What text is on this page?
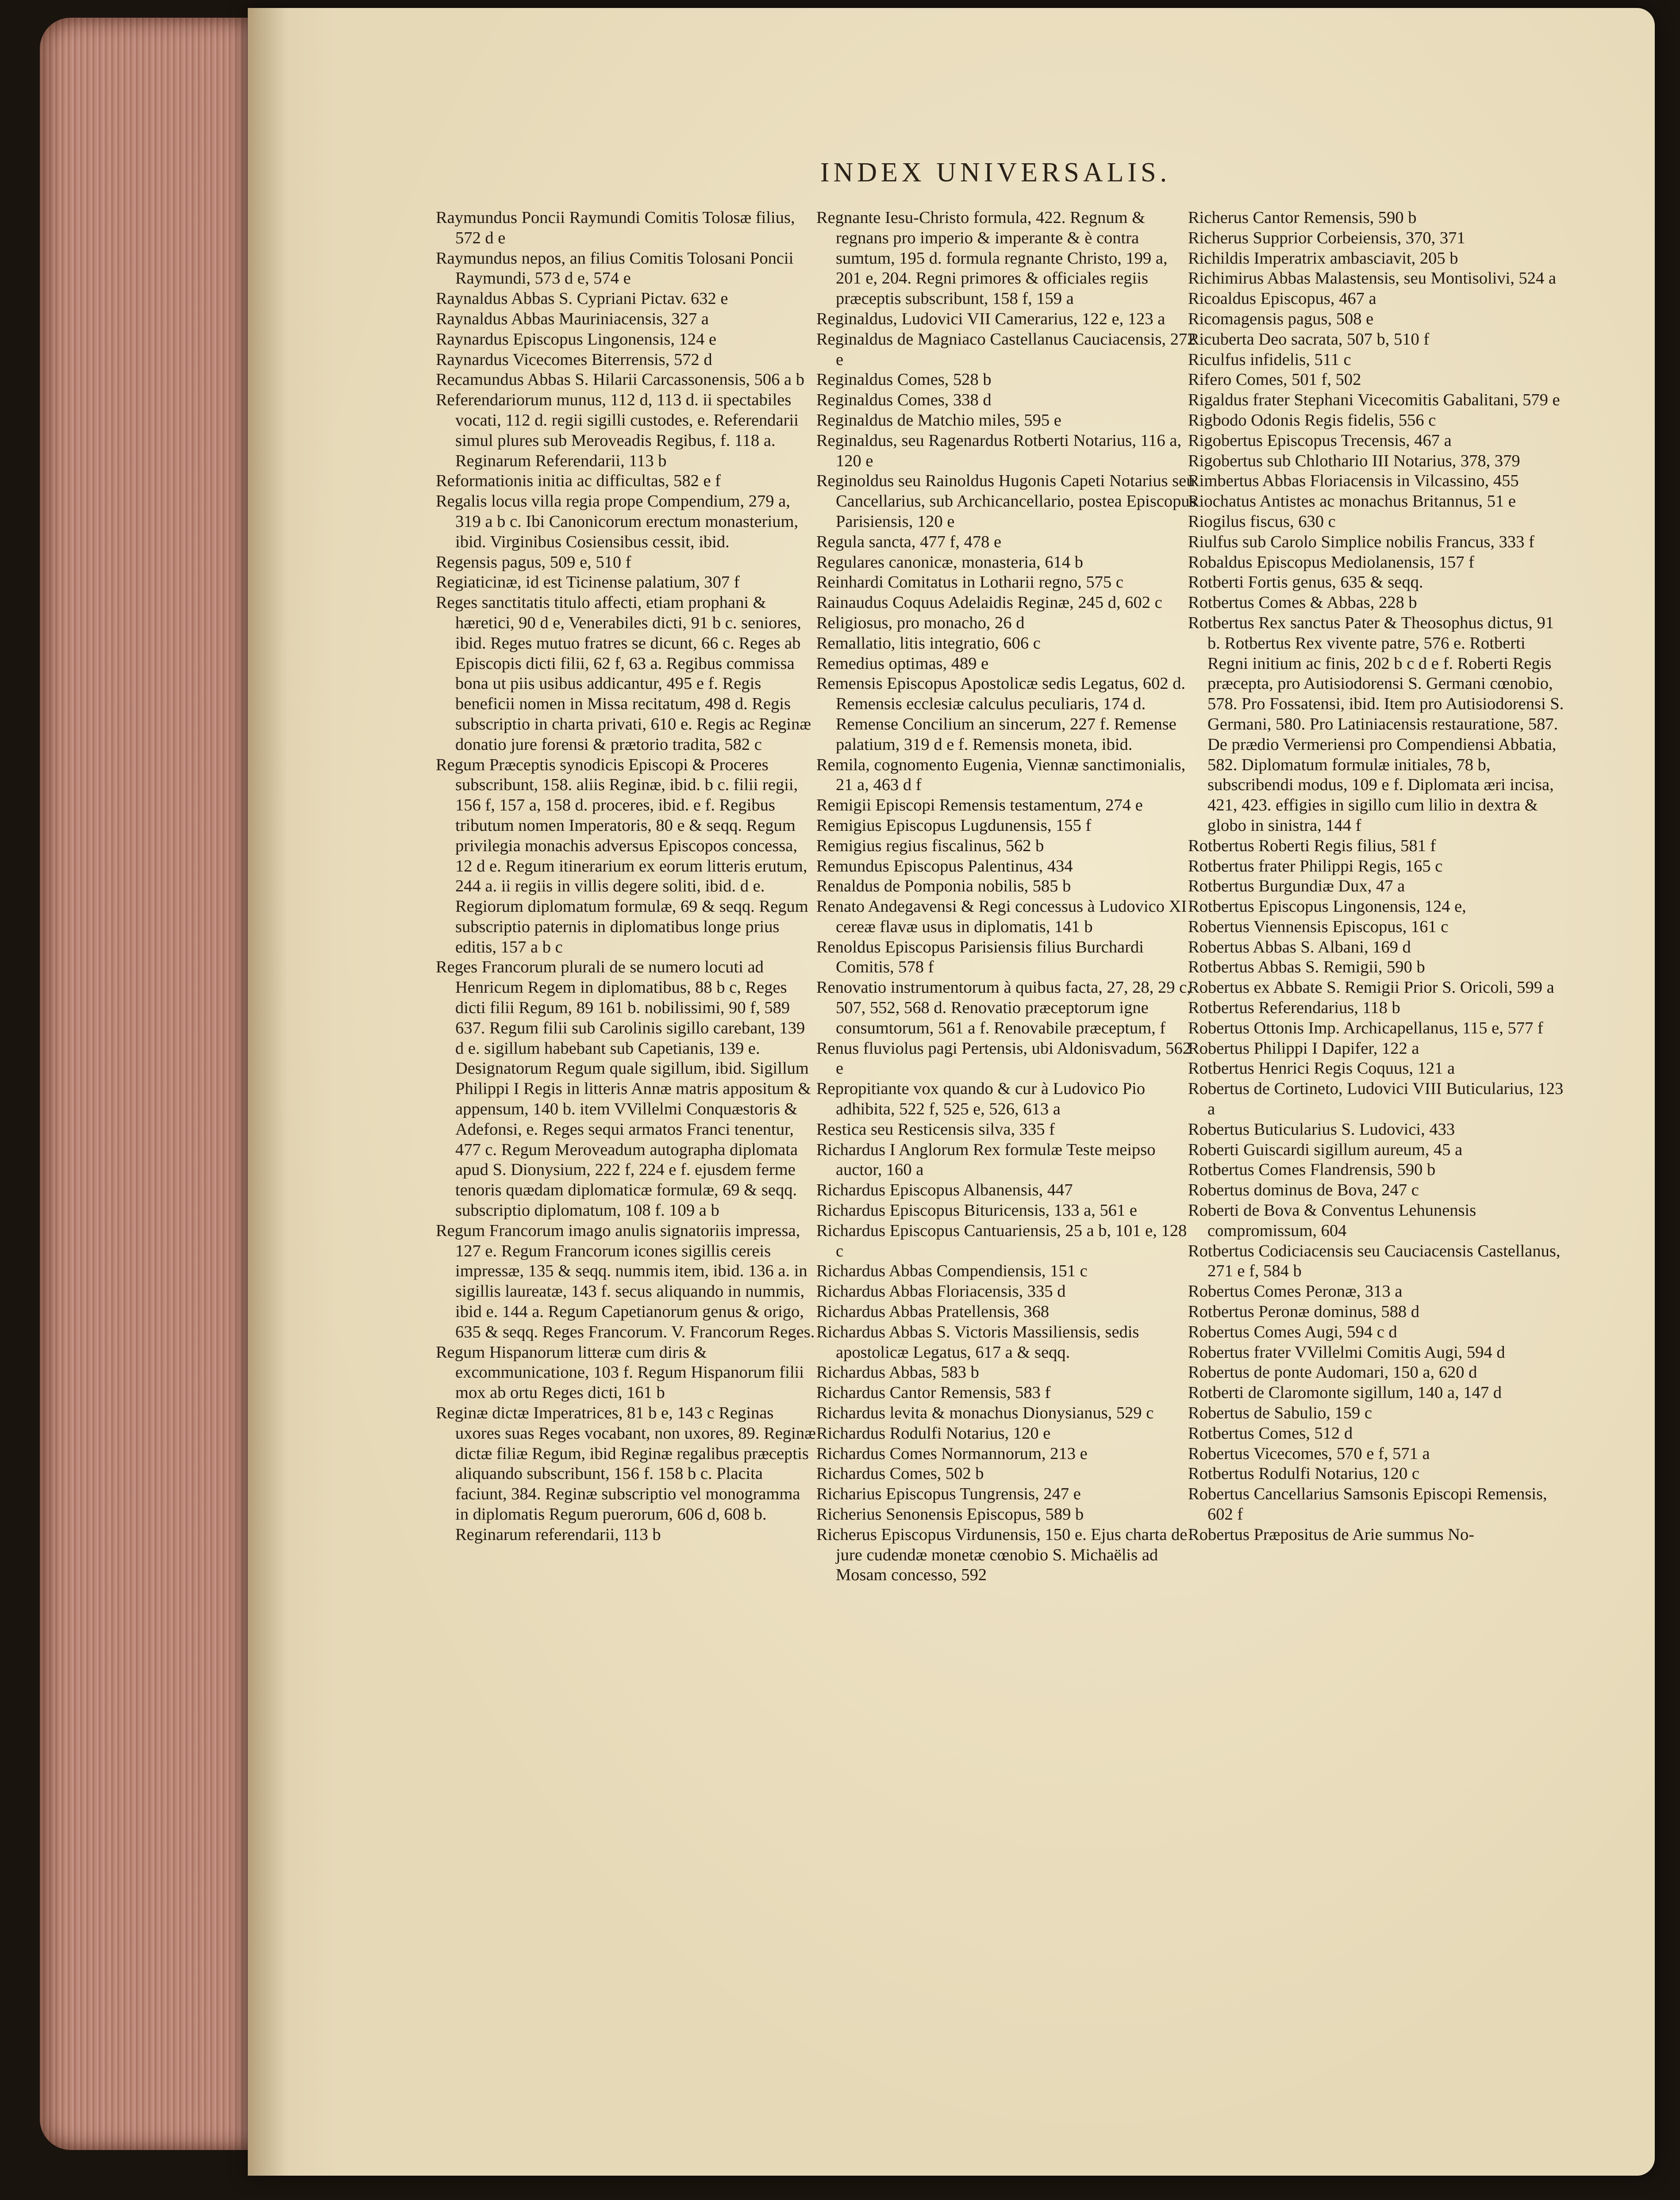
INDEX UNIVERSALIS.
Raymundus Poncii Raymundi Comitis Tolosæ filius, 572 d e
Raymundus nepos, an filius Comitis Tolosani Poncii Raymundi, 573 d e, 574 e
Raynaldus Abbas S. Cypriani Pictav. 632 e
Raynaldus Abbas Mauriniacensis, 327 a
Raynardus Episcopus Lingonensis, 124 e
Raynardus Vicecomes Biterrensis, 572 d
Recamundus Abbas S. Hilarii Carcassonensis, 506 a b
Referendariorum munus, 112 d, 113 d. ii spectabiles vocati, 112 d. regii sigilli custodes, e. Referendarii simul plures sub Meroveadis Regibus, f. 118 a. Reginarum Referendarii, 113 b
Reformationis initia ac difficultas, 582 e f
Regalis locus villa regia prope Compendium, 279 a, 319 a b c. Ibi Canonicorum erectum monasterium, ibid. Virginibus Cosiensibus cessit, ibid.
Regensis pagus, 509 e, 510 f
Regiaticinæ, id est Ticinense palatium, 307 f
Reges sanctitatis titulo affecti, etiam prophani & hæretici, 90 d e, Venerabiles dicti, 91 b c. seniores, ibid. Reges mutuo fratres se dicunt, 66 c. Reges ab Episcopis dicti filii, 62 f, 63 a. Regibus commissa bona ut piis usibus addicantur, 495 e f. Regis beneficii nomen in Missa recitatum, 498 d. Regis subscriptio in charta privati, 610 e. Regis ac Reginæ donatio jure forensi & prætorio tradita, 582 c
Regum Præceptis synodicis Episcopi & Proceres subscribunt, 158. aliis Reginæ, ibid. b c. filii regii, 156 f, 157 a, 158 d. proceres, ibid. e f. Regibus tributum nomen Imperatoris, 80 e & seqq. Regum privilegia monachis adversus Episcopos concessa, 12 d e. Regum itinerarium ex eorum litteris erutum, 244 a. ii regiis in villis degere soliti, ibid. d e. Regiorum diplomatum formulæ, 69 & seqq. Regum subscriptio paternis in diplomatibus longe prius editis, 157 a b c
Reges Francorum plurali de se numero locuti ad Henricum Regem in diplomatibus, 88 b c, Reges dicti filii Regum, 89 161 b. nobilissimi, 90 f, 589 637. Regum filii sub Carolinis sigillo carebant, 139 d e. sigillum habebant sub Capetianis, 139 e. Designatorum Regum quale sigillum, ibid. Sigillum Philippi I Regis in litteris Annæ matris appositum & appensum, 140 b. item VVillelmi Conquæstoris & Adefonsi, e. Reges sequi armatos Franci tenentur, 477 c. Regum Meroveadum autographa diplomata apud S. Dionysium, 222 f, 224 e f. ejusdem ferme tenoris quædam diplomaticæ formulæ, 69 & seqq. subscriptio diplomatum, 108 f. 109 a b
Regum Francorum imago anulis signatoriis impressa, 127 e. Regum Francorum icones sigillis cereis impressæ, 135 & seqq. nummis item, ibid. 136 a. in sigillis laureatæ, 143 f. secus aliquando in nummis, ibid e. 144 a. Regum Capetianorum genus & origo, 635 & seqq. Reges Francorum. V. Francorum Reges.
Regum Hispanorum litteræ cum diris & excommunicatione, 103 f. Regum Hispanorum filii mox ab ortu Reges dicti, 161 b
Reginæ dictæ Imperatrices, 81 b e, 143 c Reginas uxores suas Reges vocabant, non uxores, 89. Reginæ dictæ filiæ Regum, ibid Reginæ regalibus præceptis aliquando subscribunt, 156 f. 158 b c. Placita faciunt, 384. Reginæ subscriptio vel monogramma in diplomatis Regum puerorum, 606 d, 608 b. Reginarum referendarii, 113 b
Regnante Iesu-Christo formula, 422. Regnum & regnans pro imperio & imperante & è contra sumtum, 195 d. formula regnante Christo, 199 a, 201 e, 204. Regni primores & officiales regiis præceptis subscribunt, 158 f, 159 a
Reginaldus, Ludovici VII Camerarius, 122 e, 123 a
Reginaldus de Magniaco Castellanus Cauciacensis, 272 e
Reginaldus Comes, 528 b
Reginaldus Comes, 338 d
Reginaldus de Matchio miles, 595 e
Reginaldus, seu Ragenardus Rotberti Notarius, 116 a, 120 e
Reginoldus seu Rainoldus Hugonis Capeti Notarius seu Cancellarius, sub Archicancellario, postea Episcopus Parisiensis, 120 e
Regula sancta, 477 f, 478 e
Regulares canonicæ, monasteria, 614 b
Reinhardi Comitatus in Lotharii regno, 575 c
Rainaudus Coquus Adelaidis Reginæ, 245 d, 602 c
Religiosus, pro monacho, 26 d
Remallatio, litis integratio, 606 c
Remedius optimas, 489 e
Remensis Episcopus Apostolicæ sedis Legatus, 602 d. Remensis ecclesiæ calculus peculiaris, 174 d. Remense Concilium an sincerum, 227 f. Remense palatium, 319 d e f. Remensis moneta, ibid.
Remila, cognomento Eugenia, Viennæ sanctimonialis, 21 a, 463 d f
Remigii Episcopi Remensis testamentum, 274 e
Remigius Episcopus Lugdunensis, 155 f
Remigius regius fiscalinus, 562 b
Remundus Episcopus Palentinus, 434
Renaldus de Pomponia nobilis, 585 b
Renato Andegavensi & Regi concessus à Ludovico XI cereæ flavæ usus in diplomatis, 141 b
Renoldus Episcopus Parisiensis filius Burchardi Comitis, 578 f
Renovatio instrumentorum à quibus facta, 27, 28, 29 c, 507, 552, 568 d. Renovatio præceptorum igne consumtorum, 561 a f. Renovabile præceptum, f
Renus fluviolus pagi Pertensis, ubi Aldonisvadum, 562 e
Repropitiante vox quando & cur à Ludovico Pio adhibita, 522 f, 525 e, 526, 613 a
Restica seu Resticensis silva, 335 f
Richardus I Anglorum Rex formulæ Teste meipso auctor, 160 a
Richardus Episcopus Albanensis, 447
Richardus Episcopus Bituricensis, 133 a, 561 e
Richardus Episcopus Cantuariensis, 25 a b, 101 e, 128 c
Richardus Abbas Compendiensis, 151 c
Richardus Abbas Floriacensis, 335 d
Richardus Abbas Pratellensis, 368
Richardus Abbas S. Victoris Massiliensis, sedis apostolicæ Legatus, 617 a & seqq.
Richardus Abbas, 583 b
Richardus Cantor Remensis, 583 f
Richardus levita & monachus Dionysianus, 529 c
Richardus Rodulfi Notarius, 120 e
Richardus Comes Normannorum, 213 e
Richardus Comes, 502 b
Richarius Episcopus Tungrensis, 247 e
Richerius Senonensis Episcopus, 589 b
Richerus Episcopus Virdunensis, 150 e. Ejus charta de jure cudendæ monetæ cœnobio S. Michaëlis ad Mosam concesso, 592
Richerus Cantor Remensis, 590 b
Richerus Supprior Corbeiensis, 370, 371
Richildis Imperatrix ambasciavit, 205 b
Richimirus Abbas Malastensis, seu Montisolivi, 524 a
Ricoaldus Episcopus, 467 a
Ricomagensis pagus, 508 e
Ricuberta Deo sacrata, 507 b, 510 f
Riculfus infidelis, 511 c
Rifero Comes, 501 f, 502
Rigaldus frater Stephani Vicecomitis Gabalitani, 579 e
Rigbodo Odonis Regis fidelis, 556 c
Rigobertus Episcopus Trecensis, 467 a
Rigobertus sub Chlothario III Notarius, 378, 379
Rimbertus Abbas Floriacensis in Vilcassino, 455
Riochatus Antistes ac monachus Britannus, 51 e
Riogilus fiscus, 630 c
Riulfus sub Carolo Simplice nobilis Francus, 333 f
Robaldus Episcopus Mediolanensis, 157 f
Rotberti Fortis genus, 635 & seqq.
Rotbertus Comes & Abbas, 228 b
Rotbertus Rex sanctus Pater & Theosophus dictus, 91 b. Rotbertus Rex vivente patre, 576 e. Rotberti Regni initium ac finis, 202 b c d e f. Roberti Regis præcepta, pro Autisiodorensi S. Germani cœnobio, 578. Pro Fossatensi, ibid. Item pro Autisiodorensi S. Germani, 580. Pro Latiniacensis restauratione, 587. De prædio Vermeriensi pro Compendiensi Abbatia, 582. Diplomatum formulæ initiales, 78 b, subscribendi modus, 109 e f. Diplomata æri incisa, 421, 423. effigies in sigillo cum lilio in dextra & globo in sinistra, 144 f
Rotbertus Roberti Regis filius, 581 f
Rotbertus frater Philippi Regis, 165 c
Rotbertus Burgundiæ Dux, 47 a
Rotbertus Episcopus Lingonensis, 124 e,
Robertus Viennensis Episcopus, 161 c
Robertus Abbas S. Albani, 169 d
Rotbertus Abbas S. Remigii, 590 b
Robertus ex Abbate S. Remigii Prior S. Oricoli, 599 a
Rotbertus Referendarius, 118 b
Robertus Ottonis Imp. Archicapellanus, 115 e, 577 f
Robertus Philippi I Dapifer, 122 a
Rotbertus Henrici Regis Coquus, 121 a
Robertus de Cortineto, Ludovici VIII Buticularius, 123 a
Robertus Buticularius S. Ludovici, 433
Roberti Guiscardi sigillum aureum, 45 a
Rotbertus Comes Flandrensis, 590 b
Robertus dominus de Bova, 247 c
Roberti de Bova & Conventus Lehunensis compromissum, 604
Rotbertus Codiciacensis seu Cauciacensis Castellanus, 271 e f, 584 b
Robertus Comes Peronæ, 313 a
Rotbertus Peronæ dominus, 588 d
Robertus Comes Augi, 594 c d
Robertus frater VVillelmi Comitis Augi, 594 d
Robertus de ponte Audomari, 150 a, 620 d
Rotberti de Claromonte sigillum, 140 a, 147 d
Robertus de Sabulio, 159 c
Rotbertus Comes, 512 d
Robertus Vicecomes, 570 e f, 571 a
Rotbertus Rodulfi Notarius, 120 c
Robertus Cancellarius Samsonis Episcopi Remensis, 602 f
Robertus Præpositus de Arie summus No-
